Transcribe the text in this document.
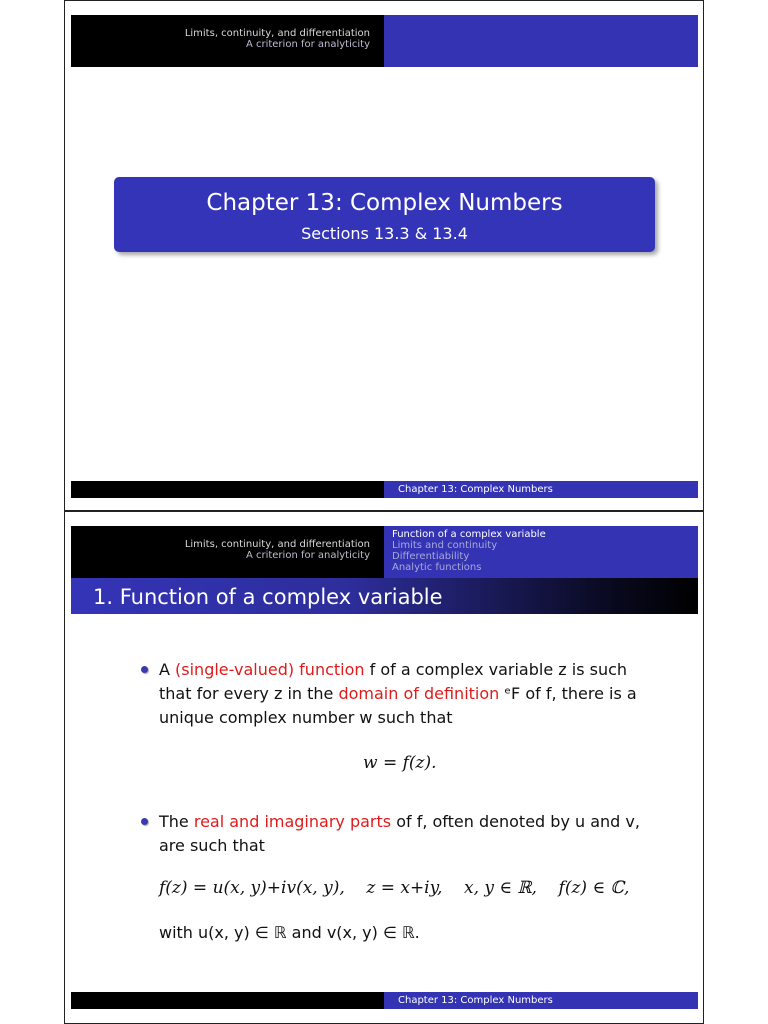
Limits, continuity, and differentiation
A criterion for analyticity
Chapter 13: Complex Numbers
Sections 13.3 & 13.4
Chapter 13: Complex Numbers
Limits, continuity, and differentiation
A criterion for analyticity
Function of a complex variable
Limits and continuity
Differentiability
Analytic functions
1. Function of a complex variable
A (single-valued) function f of a complex variable z is such that for every z in the domain of definition ᵉF of f, there is a unique complex number w such that
w = f(z).
The real and imaginary parts of f, often denoted by u and v, are such that
f(z) = u(x, y)+iv(x, y),    z = x+iy,    x, y ∈ ℝ,    f(z) ∈ ℂ,
with u(x, y) ∈ ℝ and v(x, y) ∈ ℝ.
Chapter 13: Complex Numbers
